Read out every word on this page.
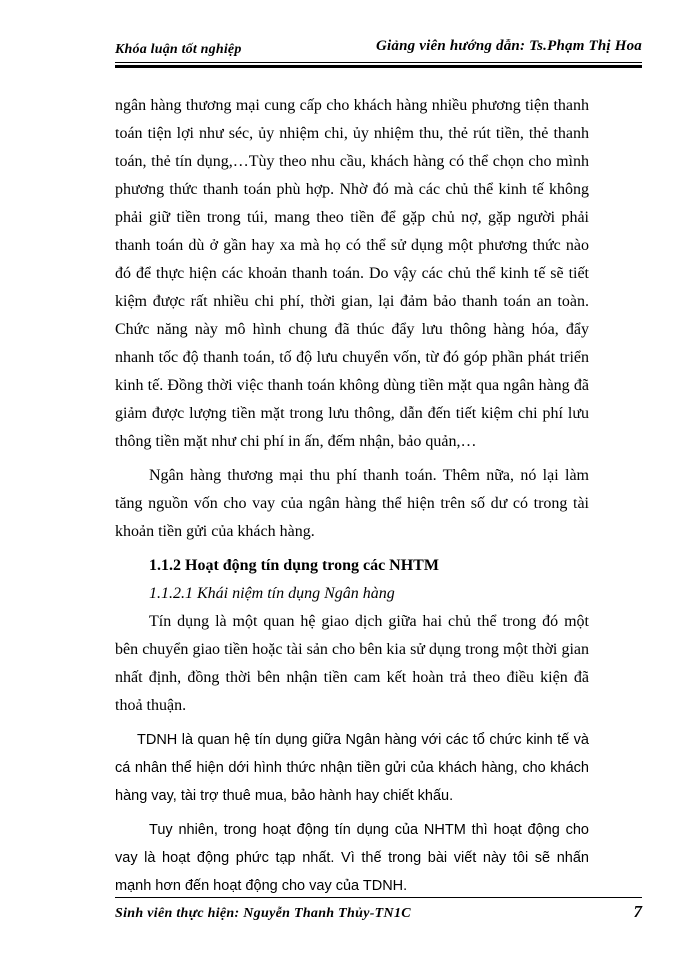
Khóa luận tốt nghiệp	Giảng viên hướng dẫn: Ts.Phạm Thị Hoa

ngân hàng thương mại cung cấp cho khách hàng nhiều phương tiện thanh toán tiện lợi như séc, ủy nhiệm chi, ủy nhiệm thu, thẻ rút tiền, thẻ thanh toán, thẻ tín dụng,…Tùy theo nhu cầu, khách hàng có thể chọn cho mình phương thức thanh toán phù hợp. Nhờ đó mà các chủ thể kinh tế không phải giữ tiền trong túi, mang theo tiền để gặp chủ nợ, gặp người phải thanh toán dù ở gần hay xa mà họ có thể sử dụng một phương thức nào đó để thực hiện các khoản thanh toán. Do vậy các chủ thể kinh tế sẽ tiết kiệm được rất nhiều chi phí, thời gian, lại đảm bảo thanh toán an toàn. Chức năng này mô hình chung đã thúc đẩy lưu thông hàng hóa, đẩy nhanh tốc độ thanh toán, tố độ lưu chuyển vốn, từ đó góp phần phát triển kinh tế. Đồng thời việc thanh toán không dùng tiền mặt qua ngân hàng đã giảm được lượng tiền mặt trong lưu thông, dẫn đến tiết kiệm chi phí lưu thông tiền mặt như chi phí in ấn, đếm nhận, bảo quản,…

Ngân hàng thương mại thu phí thanh toán. Thêm nữa, nó lại làm tăng nguồn vốn cho vay của ngân hàng thể hiện trên số dư có trong tài khoản tiền gửi của khách hàng.

1.1.2 Hoạt động tín dụng trong các NHTM

1.1.2.1 Khái niệm tín dụng Ngân hàng

Tín dụng là một quan hệ giao dịch giữa hai chủ thể trong đó một bên chuyển giao tiền hoặc tài sản cho bên kia sử dụng trong một thời gian nhất định, đồng thời bên nhận tiền cam kết hoàn trả theo điều kiện đã thoả thuận.

TDNH là quan hệ tín dụng giữa Ngân hàng với các tổ chức kinh tế và cá nhân thể hiện dới hình thức nhận tiền gửi của khách hàng, cho khách hàng vay, tài trợ thuê mua, bảo hành hay chiết khấu.

Tuy nhiên, trong hoạt động tín dụng của NHTM thì hoạt động cho vay là hoạt động phức tạp nhất. Vì thế trong bài viết này tôi sẽ nhấn mạnh hơn đến hoạt động cho vay của TDNH.

Sinh viên thực hiện: Nguyễn Thanh Thủy-TN1C	7
